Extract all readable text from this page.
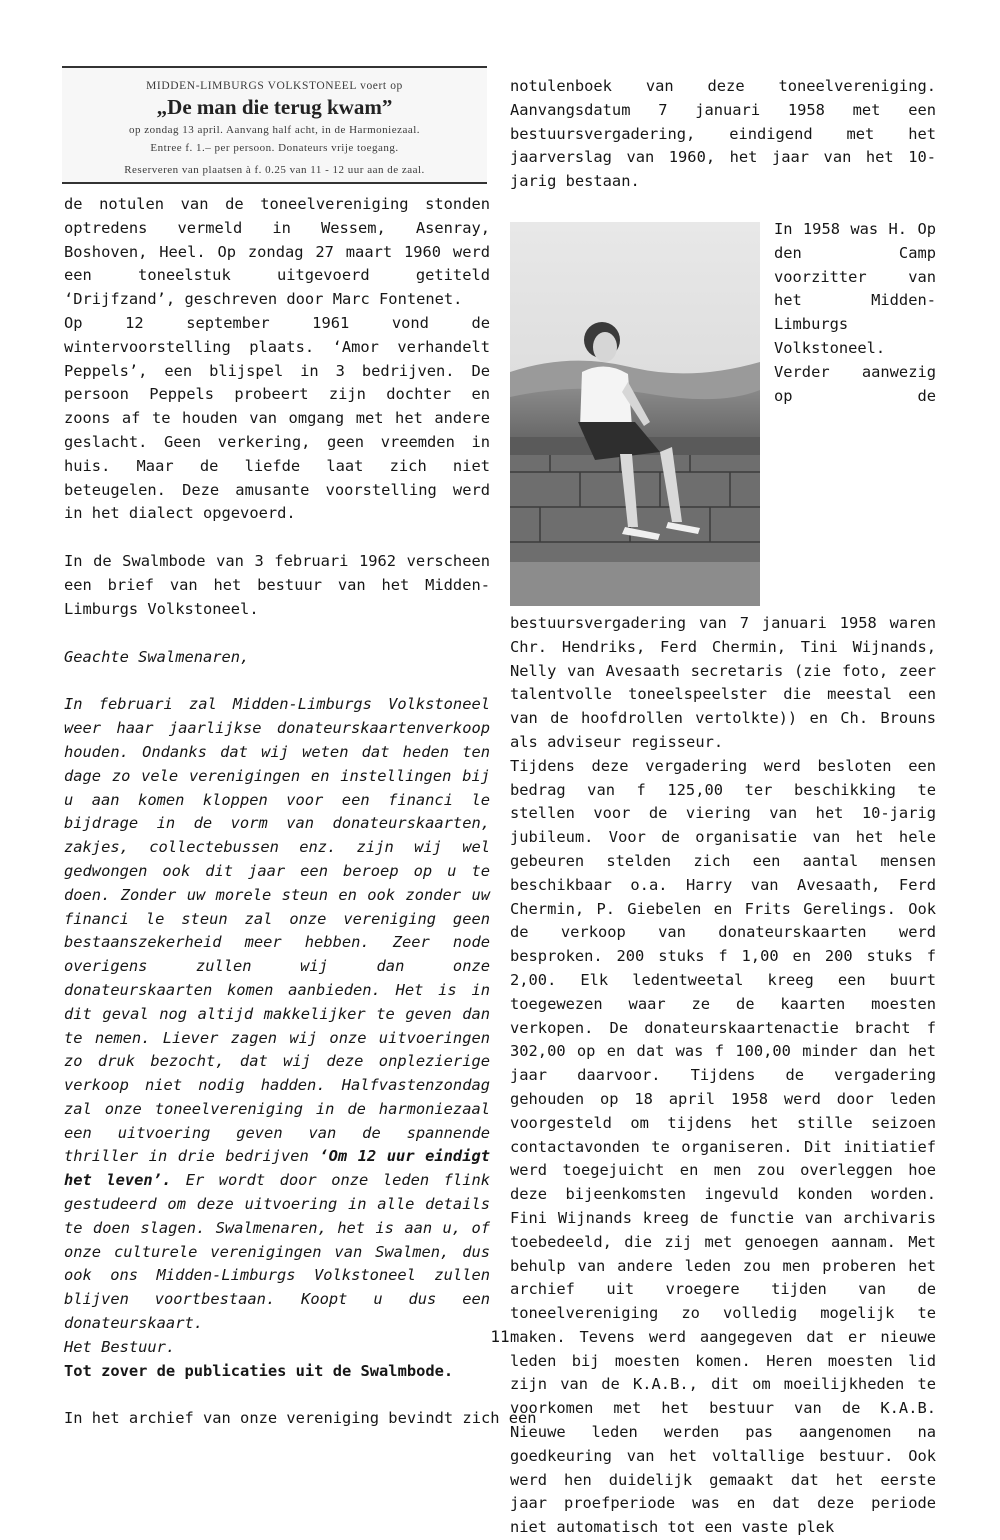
MIDDEN-LIMBURGS VOLKSTONEEL voert op
„De man die terug kwam”
op zondag 13 april. Aanvang half acht, in de Harmoniezaal.
Entree f. 1.– per persoon. Donateurs vrije toegang.
Reserveren van plaatsen à f. 0.25 van 11 - 12 uur aan de zaal.

de notulen van de toneelvereniging stonden optredens vermeld in Wessem, Asenray, Boshoven, Heel. Op zondag 27 maart 1960 werd een toneelstuk uitgevoerd getiteld ‘Drijfzand’, geschreven door Marc Fontenet.

Op 12 september 1961 vond de wintervoorstelling plaats. ‘Amor verhandelt Peppels’, een blijspel in 3 bedrijven. De persoon Peppels probeert zijn dochter en zoons af te houden van omgang met het andere geslacht. Geen verkering, geen vreemden in huis. Maar de liefde laat zich niet beteugelen. Deze amusante voorstelling werd in het dialect opgevoerd.

In de Swalmbode van 3 februari 1962 verscheen een brief van het bestuur van het Midden-Limburgs Volkstoneel.

Geachte Swalmenaren,

In februari zal Midden-Limburgs Volkstoneel weer haar jaarlijkse donateurskaartenverkoop houden. Ondanks dat wij weten dat heden ten dage zo vele verenigingen en instellingen bij u aan komen kloppen voor een financi le bijdrage in de vorm van donateurskaarten, zakjes, collectebussen enz. zijn wij wel gedwongen ook dit jaar een beroep op u te doen. Zonder uw morele steun en ook zonder uw financi le steun zal onze vereniging geen bestaanszekerheid meer hebben. Zeer node overigens zullen wij dan onze donateurskaarten komen aanbieden. Het is in dit geval nog altijd makkelijker te geven dan te nemen. Liever zagen wij onze uitvoeringen zo druk bezocht, dat wij deze onplezierige verkoop niet nodig hadden. Halfvastenzondag zal onze toneelvereniging in de harmoniezaal een uitvoering geven van de spannende thriller in drie bedrijven ‘Om 12 uur eindigt het leven’. Er wordt door onze leden flink gestudeerd om deze uitvoering in alle details te doen slagen. Swalmenaren, het is aan u, of onze culturele verenigingen van Swalmen, dus ook ons Midden-Limburgs Volkstoneel zullen blijven voortbestaan. Koopt u dus een donateurskaart.

Het Bestuur.

Tot zover de publicaties uit de Swalmbode.

In het archief van onze vereniging bevindt zich een

notulenboek van deze toneelvereniging. Aanvangsdatum 7 januari 1958 met een bestuursvergadering, eindigend met het jaarverslag van 1960, het jaar van het 10-jarig bestaan.

In 1958 was H. Op den Camp voorzitter van het Midden-Limburgs Volkstoneel. Verder aanwezig op de bestuursvergadering van 7 januari 1958 waren Chr. Hendriks, Ferd Chermin, Tini Wijnands, Nelly van Avesaath secretaris (zie foto, zeer talentvolle toneelspeelster die meestal een van de hoofdrollen vertolkte)) en Ch. Brouns als adviseur regisseur.

Tijdens deze vergadering werd besloten een bedrag van f 125,00 ter beschikking te stellen voor de viering van het 10-jarig jubileum. Voor de organisatie van het hele gebeuren stelden zich een aantal mensen beschikbaar o.a. Harry van Avesaath, Ferd Chermin, P. Giebelen en Frits Gerelings. Ook de verkoop van donateurskaarten werd besproken. 200 stuks f 1,00 en 200 stuks f 2,00. Elk ledentweetal kreeg een buurt toegewezen waar ze de kaarten moesten verkopen. De donateurskaartenactie bracht f 302,00 op en dat was f 100,00 minder dan het jaar daarvoor. Tijdens de vergadering gehouden op 18 april 1958 werd door leden voorgesteld om tijdens het stille seizoen contactavonden te organiseren. Dit initiatief werd toegejuicht en men zou overleggen hoe deze bijeenkomsten ingevuld konden worden. Fini Wijnands kreeg de functie van archivaris toebedeeld, die zij met genoegen aannam. Met behulp van andere leden zou men proberen het archief uit vroegere tijden van de toneelvereniging zo volledig mogelijk te maken. Tevens werd aangegeven dat er nieuwe leden bij moesten komen. Heren moesten lid zijn van de K.A.B., dit om moeilijkheden te voorkomen met het bestuur van de K.A.B. Nieuwe leden werden pas aangenomen na goedkeuring van het voltallige bestuur. Ook werd hen duidelijk gemaakt dat het eerste jaar proefperiode was en dat deze periode niet automatisch tot een vaste plek

11
